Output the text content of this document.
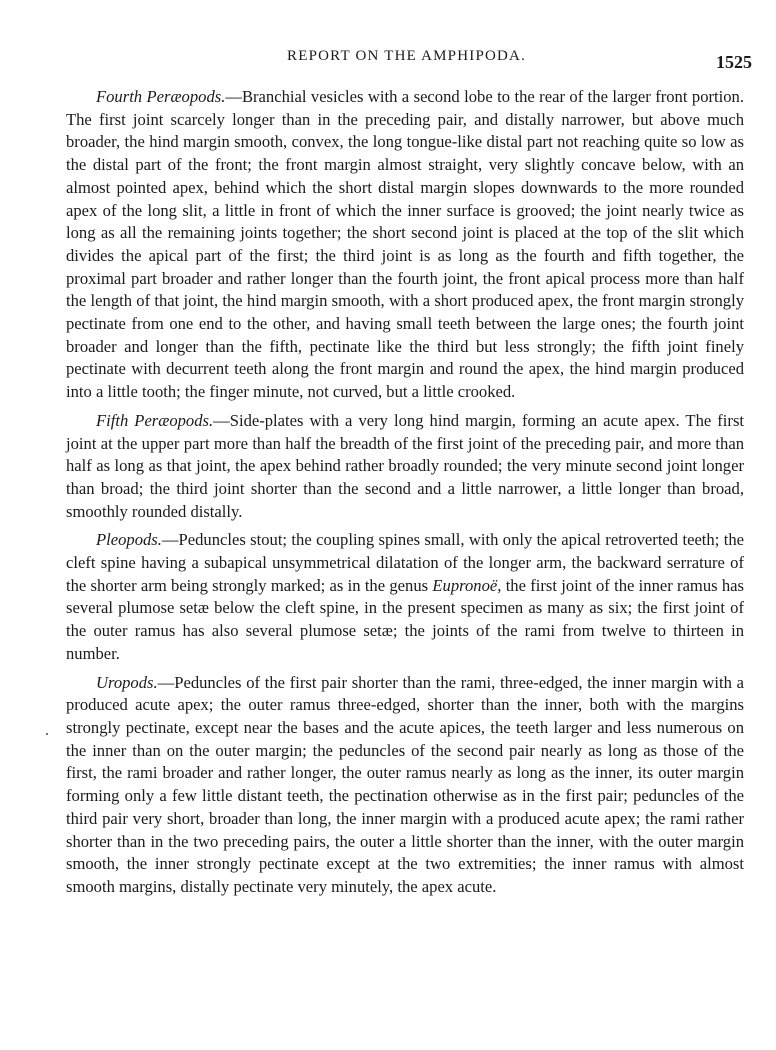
REPORT ON THE AMPHIPODA.	1525

Fourth Peræopods.—Branchial vesicles with a second lobe to the rear of the larger front portion. The first joint scarcely longer than in the preceding pair, and distally narrower, but above much broader, the hind margin smooth, convex, the long tongue-like distal part not reaching quite so low as the distal part of the front; the front margin almost straight, very slightly concave below, with an almost pointed apex, behind which the short distal margin slopes downwards to the more rounded apex of the long slit, a little in front of which the inner surface is grooved; the joint nearly twice as long as all the remaining joints together; the short second joint is placed at the top of the slit which divides the apical part of the first; the third joint is as long as the fourth and fifth together, the proximal part broader and rather longer than the fourth joint, the front apical process more than half the length of that joint, the hind margin smooth, with a short produced apex, the front margin strongly pectinate from one end to the other, and having small teeth between the large ones; the fourth joint broader and longer than the fifth, pectinate like the third but less strongly; the fifth joint finely pectinate with decurrent teeth along the front margin and round the apex, the hind margin produced into a little tooth; the finger minute, not curved, but a little crooked.

Fifth Peræopods.—Side-plates with a very long hind margin, forming an acute apex. The first joint at the upper part more than half the breadth of the first joint of the preceding pair, and more than half as long as that joint, the apex behind rather broadly rounded; the very minute second joint longer than broad; the third joint shorter than the second and a little narrower, a little longer than broad, smoothly rounded distally.

Pleopods.—Peduncles stout; the coupling spines small, with only the apical retroverted teeth; the cleft spine having a subapical unsymmetrical dilatation of the longer arm, the backward serrature of the shorter arm being strongly marked; as in the genus Eupronoë, the first joint of the inner ramus has several plumose setæ below the cleft spine, in the present specimen as many as six; the first joint of the outer ramus has also several plumose setæ; the joints of the rami from twelve to thirteen in number.

Uropods.—Peduncles of the first pair shorter than the rami, three-edged, the inner margin with a produced acute apex; the outer ramus three-edged, shorter than the inner, both with the margins strongly pectinate, except near the bases and the acute apices, the teeth larger and less numerous on the inner than on the outer margin; the peduncles of the second pair nearly as long as those of the first, the rami broader and rather longer, the outer ramus nearly as long as the inner, its outer margin forming only a few little distant teeth, the pectination otherwise as in the first pair; peduncles of the third pair very short, broader than long, the inner margin with a produced acute apex; the rami rather shorter than in the two preceding pairs, the outer a little shorter than the inner, with the outer margin smooth, the inner strongly pectinate except at the two extremities; the inner ramus with almost smooth margins, distally pectinate very minutely, the apex acute.
